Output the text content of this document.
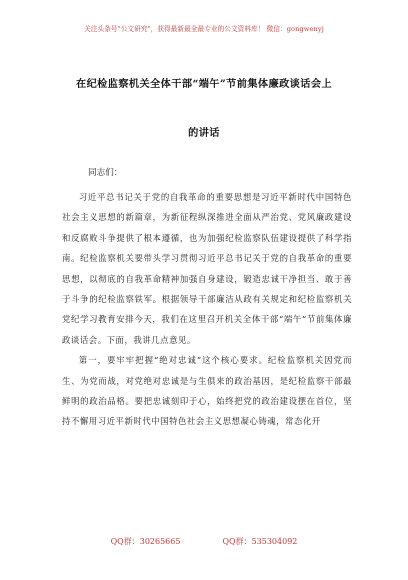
关注头条号"公文研究"，获得最新最全最专业的公文资料库！ 微信：gongwenyj
在纪检监察机关全体干部“端午”节前集体廉政谈话会上
的讲话
同志们：

习近平总书记关于党的自我革命的重要思想是习近平新时代中国特色社会主义思想的新篇章，为新征程纵深推进全面从严治党、党风廉政建设和反腐败斗争提供了根本遵循，也为加强纪检监察队伍建设提供了科学指南。纪检监察机关要带头学习贯彻习近平总书记关于党的自我革命的重要思想，以彻底的自我革命精神加强自身建设，锻造忠诚干净担当、敢于善于斗争的纪检监察铁军。根据领导干部廉洁从政有关规定和纪检监察机关党纪学习教育安排今天，我们在这里召开机关全体干部“端午”节前集体廉政谈话会。下面，我讲几点意见。

第一，要牢牢把握“绝对忠诚”这个核心要求。纪检监察机关因党而生、为党而战，对党绝对忠诚是与生俱来的政治基因，是纪检监察干部最鲜明的政治品格。要把忠诚刻印于心，始终把党的政治建设摆在首位，坚持不懈用习近平新时代中国特色社会主义思想凝心铸魂，常态化开

QQ群：30265665	QQ群：535304092
